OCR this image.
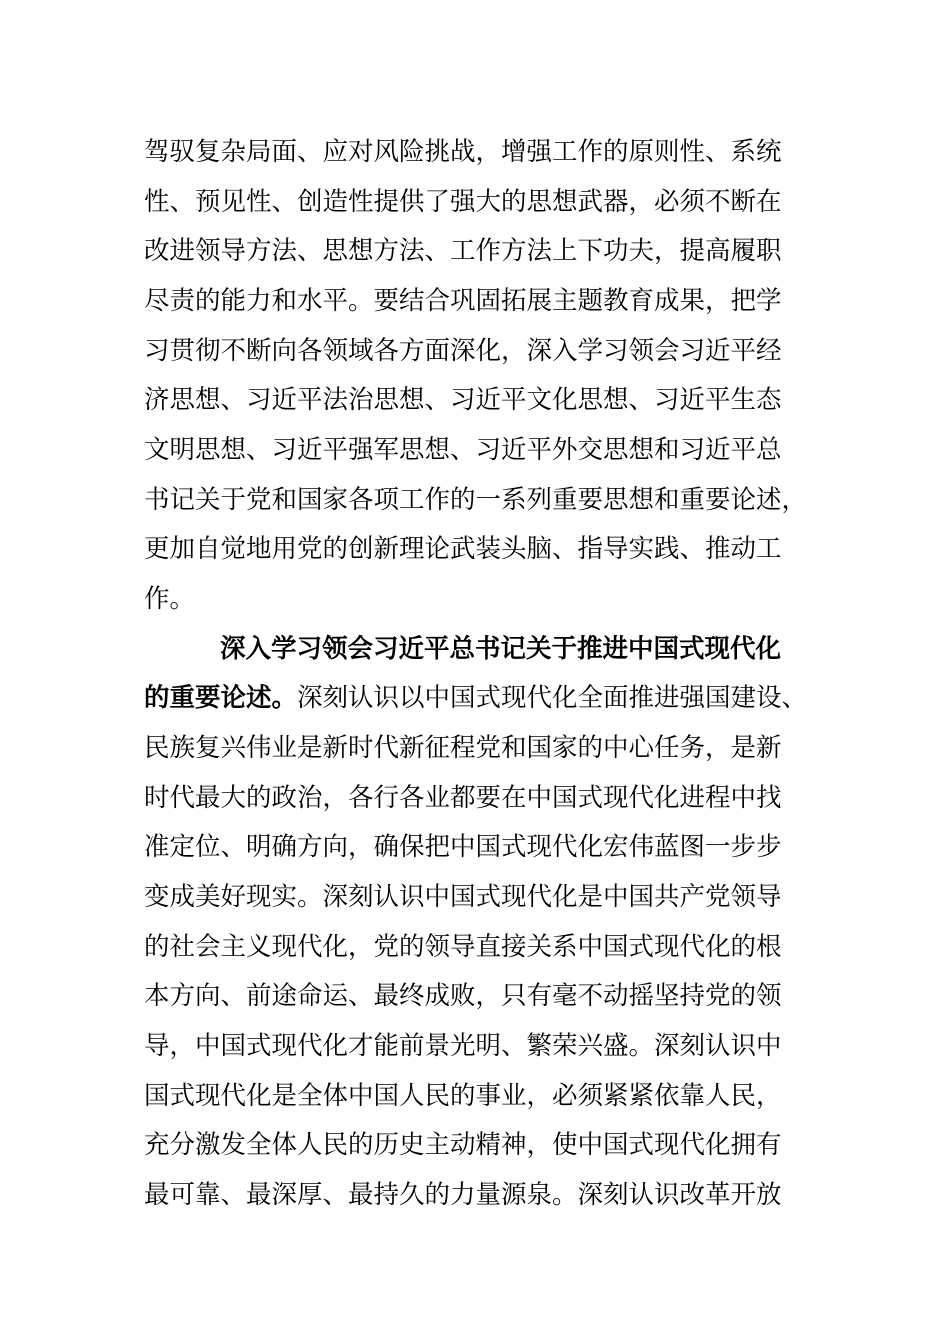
驾驭复杂局面、应对风险挑战，增强工作的原则性、系统
性、预见性、创造性提供了强大的思想武器，必须不断在
改进领导方法、思想方法、工作方法上下功夫，提高履职
尽责的能力和水平。要结合巩固拓展主题教育成果，把学
习贯彻不断向各领域各方面深化，深入学习领会习近平经
济思想、习近平法治思想、习近平文化思想、习近平生态
文明思想、习近平强军思想、习近平外交思想和习近平总
书记关于党和国家各项工作的一系列重要思想和重要论述，
更加自觉地用党的创新理论武装头脑、指导实践、推动工
作。
深入学习领会习近平总书记关于推进中国式现代化
的重要论述。深刻认识以中国式现代化全面推进强国建设、
民族复兴伟业是新时代新征程党和国家的中心任务，是新
时代最大的政治，各行各业都要在中国式现代化进程中找
准定位、明确方向，确保把中国式现代化宏伟蓝图一步步
变成美好现实。深刻认识中国式现代化是中国共产党领导
的社会主义现代化，党的领导直接关系中国式现代化的根
本方向、前途命运、最终成败，只有毫不动摇坚持党的领
导，中国式现代化才能前景光明、繁荣兴盛。深刻认识中
国式现代化是全体中国人民的事业，必须紧紧依靠人民，
充分激发全体人民的历史主动精神，使中国式现代化拥有
最可靠、最深厚、最持久的力量源泉。深刻认识改革开放
